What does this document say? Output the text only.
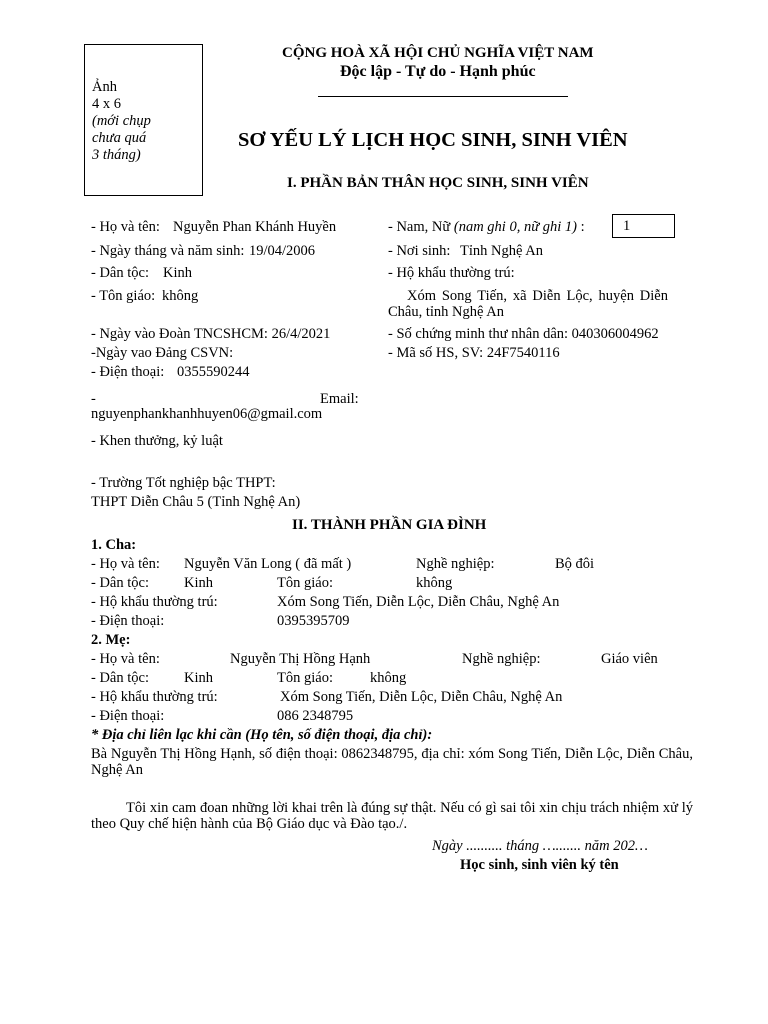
Ảnh
4 x 6
(mới chụp
chưa quá
3 tháng)
CỘNG HOÀ XÃ HỘI CHỦ NGHĨA VIỆT NAM
Độc lập - Tự do - Hạnh phúc
SƠ YẾU LÝ LỊCH HỌC SINH, SINH VIÊN
I. PHẦN BẢN THÂN HỌC SINH, SINH VIÊN
- Họ và tên: Nguyễn Phan Khánh Huyền	- Nam, Nữ (nam ghi 0, nữ ghi 1) :	1
- Ngày tháng và năm sinh: 19/04/2006	- Nơi sinh: Tỉnh Nghệ An
- Dân tộc: Kinh	- Hộ khẩu thường trú:
- Tôn giáo: không	Xóm Song Tiến, xã Diễn Lộc, huyện Diễn Châu, tỉnh Nghệ An
- Ngày vào Đoàn TNCSHCM: 26/4/2021	- Số chứng minh thư nhân dân: 040306004962
-Ngày vao Đảng CSVN:	- Mã số HS, SV: 24F7540116
- Điện thoại: 0355590244
-	Email:
nguyenphankhanhhuyen06@gmail.com
- Khen thưởng, kỷ luật
- Trường Tốt nghiệp bậc THPT:
THPT Diễn Châu 5 (Tỉnh Nghệ An)
II. THÀNH PHẦN GIA ĐÌNH
1. Cha:
- Họ và tên: Nguyễn Văn Long ( đã mất )	Nghề nghiệp:	Bộ đôi
- Dân tộc: Kinh	Tôn giáo:	không
- Hộ khẩu thường trú:	Xóm Song Tiến, Diễn Lộc, Diễn Châu, Nghệ An
- Điện thoại:	0395395709
2. Mẹ:
- Họ và tên:	Nguyễn Thị Hồng Hạnh	Nghề nghiệp:	Giáo viên
- Dân tộc: Kinh	Tôn giáo:	không
- Hộ khẩu thường trú:	Xóm Song Tiến, Diễn Lộc, Diễn Châu, Nghệ An
- Điện thoại:	086 2348795
* Địa chỉ liên lạc khi cần (Họ tên, số điện thoại, địa chỉ):
Bà Nguyễn Thị Hồng Hạnh, số điện thoại: 0862348795, địa chỉ: xóm Song Tiến, Diễn Lộc, Diễn Châu, Nghệ An
Tôi xin cam đoan những lời khai trên là đúng sự thật. Nếu có gì sai tôi xin chịu trách nhiệm xử lý theo Quy chế hiện hành của Bộ Giáo dục và Đào tạo./.
Ngày .......... tháng …....... năm 202…
Học sinh, sinh viên ký tên
